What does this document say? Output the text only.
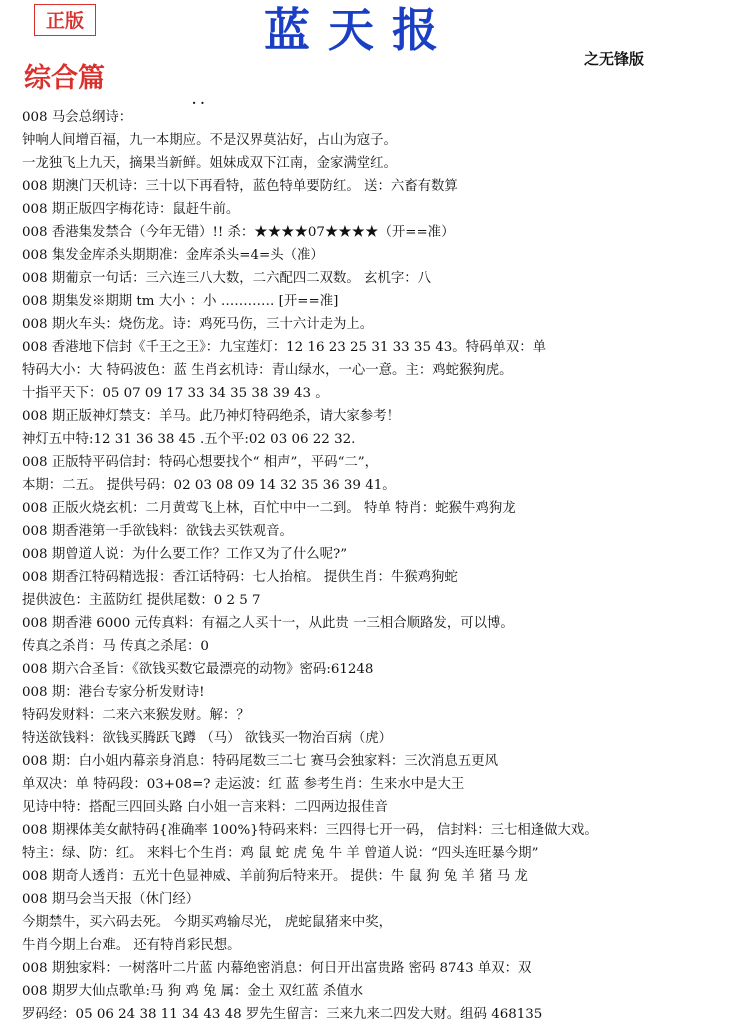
正版	蓝天报
之无锋版
综合篇
· ·
008 马会总纲诗：
钟响人间增百福，九一本期应。不是汉界莫沾好，占山为寇子。
一龙独飞上九天，摘果当新鲜。姐妹成双下江南，金家满堂红。
008 期澳门天机诗：三十以下再看特，蓝色特单要防红。 送：六畜有数算
008 期正版四字梅花诗：鼠赶牛前。
008 香港集发禁合（今年无错）!! 杀：★★★★07★★★★（开==准）
008 集发金库杀头期期准：金库杀头=4=头（准）
008 期葡京一句话：三六连三八大数，二六配四二双数。 玄机字：八
008 期集发※期期 tm 大小 ：小 ………… [开==准]
008 期火车头：烧伤龙。诗：鸡死马伤，三十六计走为上。
008 香港地下信封《千王之王》：九宝莲灯：12 16 23 25 31 33 35 43。特码单双：单
特码大小：大 特码波色：蓝 生肖玄机诗：青山绿水，一心一意。主：鸡蛇猴狗虎。
十指平天下：05 07 09 17 33 34 35 38 39 43 。
008 期正版神灯禁支：羊马。此乃神灯特码绝杀，请大家参考！
神灯五中特:12 31 36 38 45 .五个平:02 03 06 22 32.
008 正版特平码信封：特码心想要找个“ 相声”，平码“二”，
本期：二五。 提供号码：02 03 08 09 14 32 35 36 39 41。
008 正版火烧玄机：二月黄莺飞上林，百忙中中一二到。 特单 特肖：蛇猴牛鸡狗龙
008 期香港第一手欲钱料：欲钱去买铁观音。
008 期曾道人说：为什么要工作？工作又为了什么呢?”
008 期香江特码精选报：香江话特码：七人抬棺。 提供生肖：牛猴鸡狗蛇
提供波色：主蓝防红 提供尾数：0 2 5 7
008 期香港 6000 元传真料：有福之人买十一，从此贵 一三相合顺路发，可以博。
传真之杀肖：马 传真之杀尾：0
008 期六合圣旨：《欲钱买数它最漂亮的动物》密码:61248
008 期：港台专家分析发财诗!
特码发财料：二来六来猴发财。解：？
特送欲钱料：欲钱买腾跃飞蹲 （马） 欲钱买一物治百病（虎）
008 期：白小姐内幕亲身消息：特码尾数三二七 赛马会独家料：三次消息五更风
单双决：单 特码段：03+08=? 走运波：红 蓝 参考生肖：生来水中是大王
见诗中特：搭配三四回头路 白小姐一言来料：二四两边报佳音
008 期裸体美女献特码{准确率 100%}特码来料：三四得七开一码， 信封料：三七相逢做大戏。
特主：绿、防：红。 来料七个生肖：鸡 鼠 蛇 虎 兔 牛 羊 曾道人说：“四头连旺暴今期”
008 期奇人透肖：五光十色显神威、羊前狗后特来开。 提供：牛 鼠 狗 兔 羊 猪 马 龙
008 期马会当天报（休门经）
今期禁牛，买六码去死。 今期买鸡输尽光， 虎蛇鼠猪来中奖，
牛肖今期上台难。 还有特肖彩民想。
008 期独家料：一树落叶二片蓝 内幕绝密消息：何日开出富贵路 密码 8743 单双：双
008 期罗大仙点歌单:马 狗 鸡 兔 属：金土 双红蓝 杀值水
罗码经：05 06 24 38 11 34 43 48 罗先生留言：三来九来二四发大财。组码 468135
